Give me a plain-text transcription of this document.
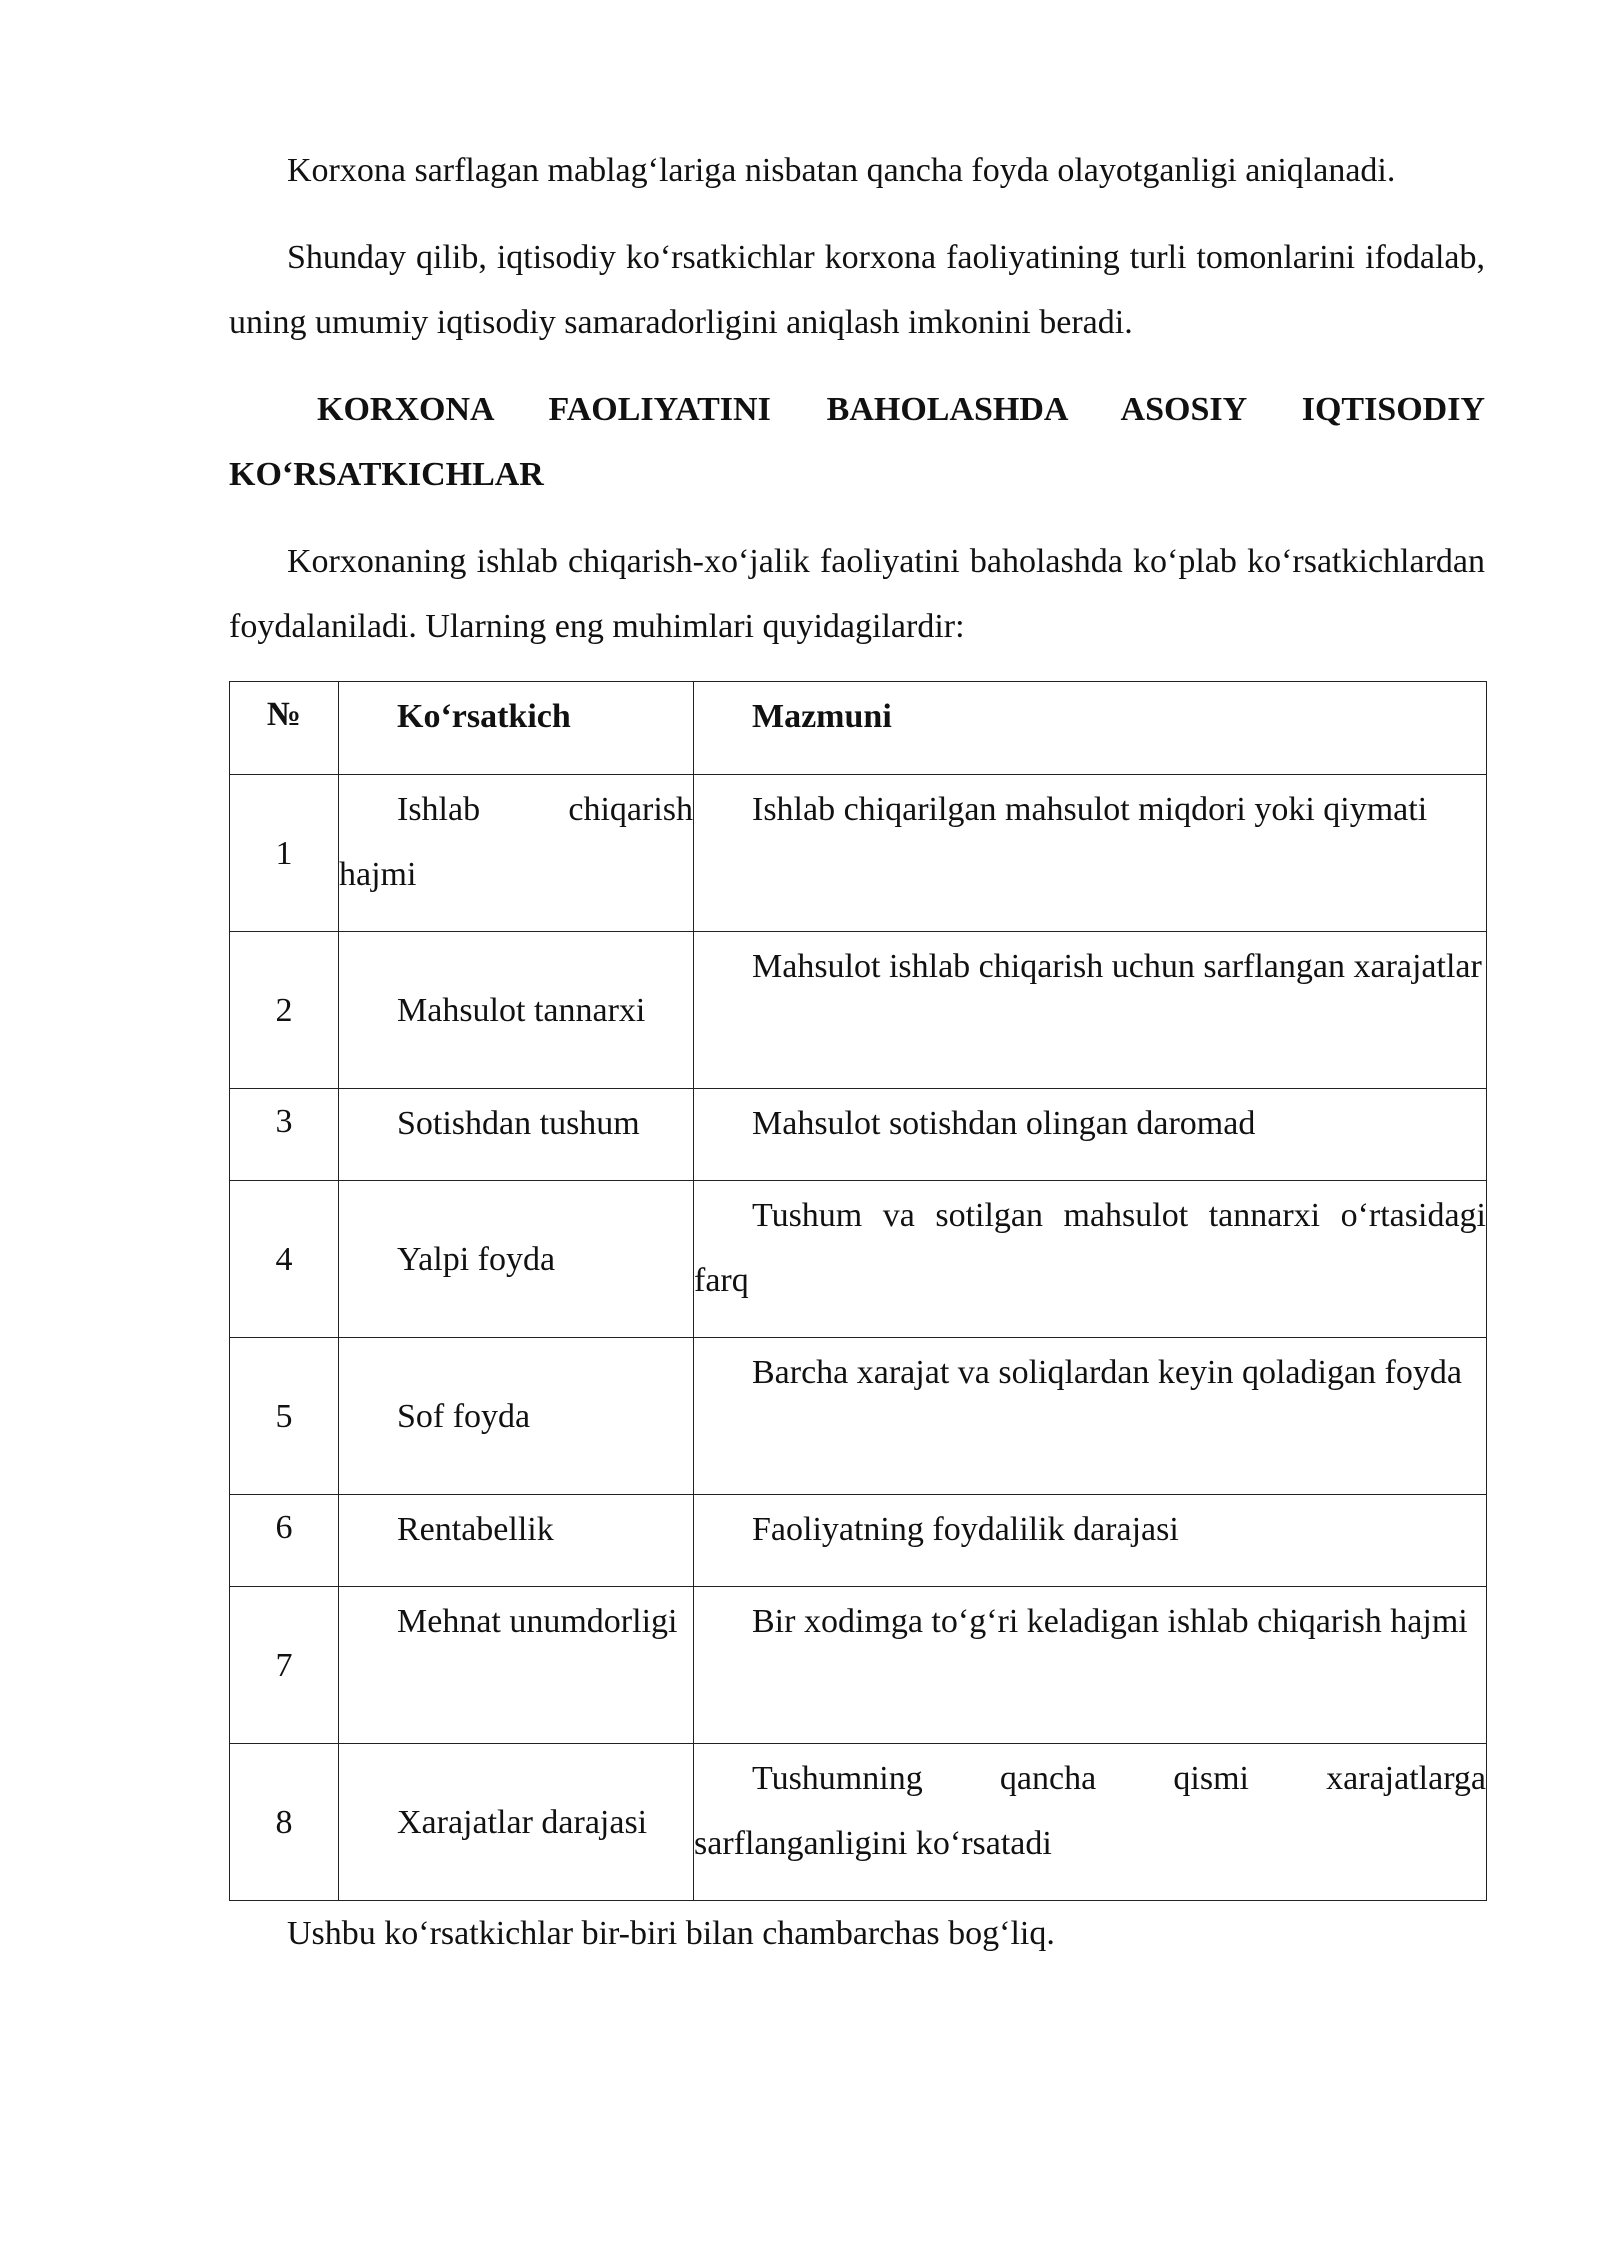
Korxona sarflagan mablag‘lariga nisbatan qancha foyda olayotganligi aniqlanadi.

Shunday qilib, iqtisodiy ko‘rsatkichlar korxona faoliyatining turli tomonlarini ifodalab, uning umumiy iqtisodiy samaradorligini aniqlash imkonini beradi.

KORXONA FAOLIYATINI BAHOLASHDA ASOSIY IQTISODIY KO‘RSATKICHLAR

Korxonaning ishlab chiqarish-xo‘jalik faoliyatini baholashda ko‘plab ko‘rsatkichlardan foydalaniladi. Ularning eng muhimlari quyidagilardir:

№	Ko‘rsatkich	Mazmuni

1	Ishlab chiqarish hajmi	Ishlab chiqarilgan mahsulot miqdori yoki qiymati

2	Mahsulot tannarxi	Mahsulot ishlab chiqarish uchun sarflangan xarajatlar

3	Sotishdan tushum	Mahsulot sotishdan olingan daromad

4	Yalpi foyda	Tushum va sotilgan mahsulot tannarxi o‘rtasidagi farq

5	Sof foyda	Barcha xarajat va soliqlardan keyin qoladigan foyda

6	Rentabellik	Faoliyatning foydalilik darajasi

7	Mehnat unumdorligi	Bir xodimga to‘g‘ri keladigan ishlab chiqarish hajmi

8	Xarajatlar darajasi	Tushumning qancha qismi xarajatlarga sarflanganligini ko‘rsatadi

Ushbu ko‘rsatkichlar bir-biri bilan chambarchas bog‘liq.
